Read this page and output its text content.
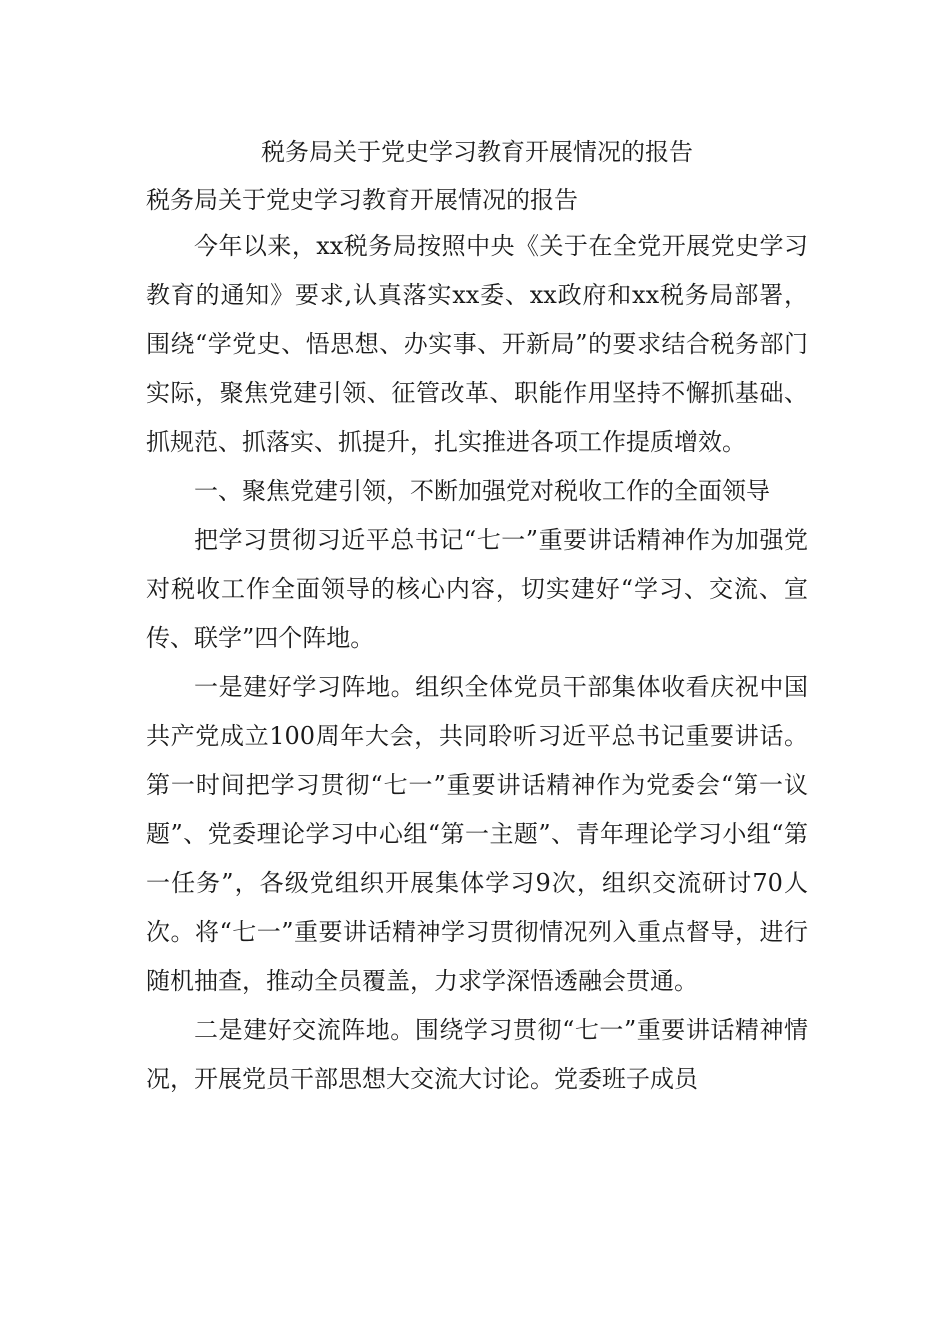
税务局关于党史学习教育开展情况的报告

税务局关于党史学习教育开展情况的报告

今年以来，xx税务局按照中央《关于在全党开展党史学习教育的通知》要求,认真落实xx委、xx政府和xx税务局部署，围绕“学党史、悟思想、办实事、开新局”的要求结合税务部门实际，聚焦党建引领、征管改革、职能作用坚持不懈抓基础、抓规范、抓落实、抓提升，扎实推进各项工作提质增效。

一、聚焦党建引领，不断加强党对税收工作的全面领导

把学习贯彻习近平总书记“七一”重要讲话精神作为加强党对税收工作全面领导的核心内容，切实建好“学习、交流、宣传、联学”四个阵地。

一是建好学习阵地。组织全体党员干部集体收看庆祝中国共产党成立100周年大会，共同聆听习近平总书记重要讲话。第一时间把学习贯彻“七一”重要讲话精神作为党委会“第一议题”、党委理论学习中心组“第一主题”、青年理论学习小组“第一任务”，各级党组织开展集体学习9次，组织交流研讨70人次。将“七一”重要讲话精神学习贯彻情况列入重点督导，进行随机抽查，推动全员覆盖，力求学深悟透融会贯通。

二是建好交流阵地。围绕学习贯彻“七一”重要讲话精神情况，开展党员干部思想大交流大讨论。党委班子成员
